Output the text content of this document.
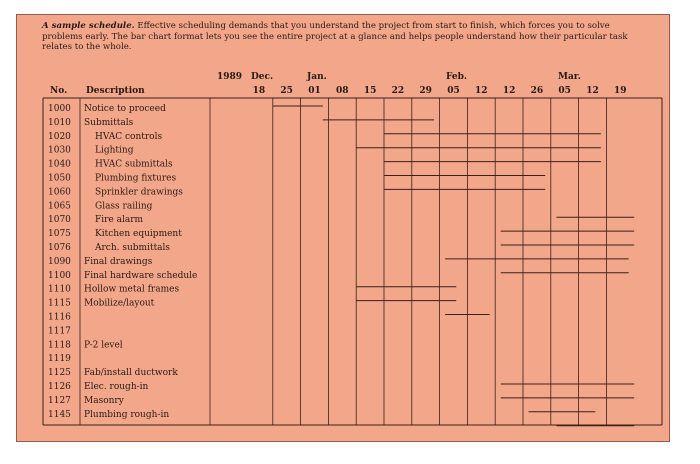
A sample schedule. Effective scheduling demands that you understand the project from start to finish, which forces you to solve problems early. The bar chart format lets you see the entire project at a glance and helps people understand how their particular task relates to the whole.

No. Description
1989 Dec.	Jan.	Feb.	Mar.
18 25 01 08 15 22 29 05 12 12 26 05 12 19
1000 Notice to proceed
1010 Submittals
1020	HVAC controls
1030	Lighting
1040	HVAC submittals
1050	Plumbing fixtures
1060	Sprinkler drawings
1065	Glass railing
1070	Fire alarm
1075	Kitchen equipment
1076	Arch. submittals
1090 Final drawings
1100 Final hardware schedule
1110 Hollow metal frames
1115 Mobilize/layout
1116
1117
1118 P-2 level
1119
1125 Fab/install ductwork
1126 Elec. rough-in
1127 Masonry
1145 Plumbing rough-in
